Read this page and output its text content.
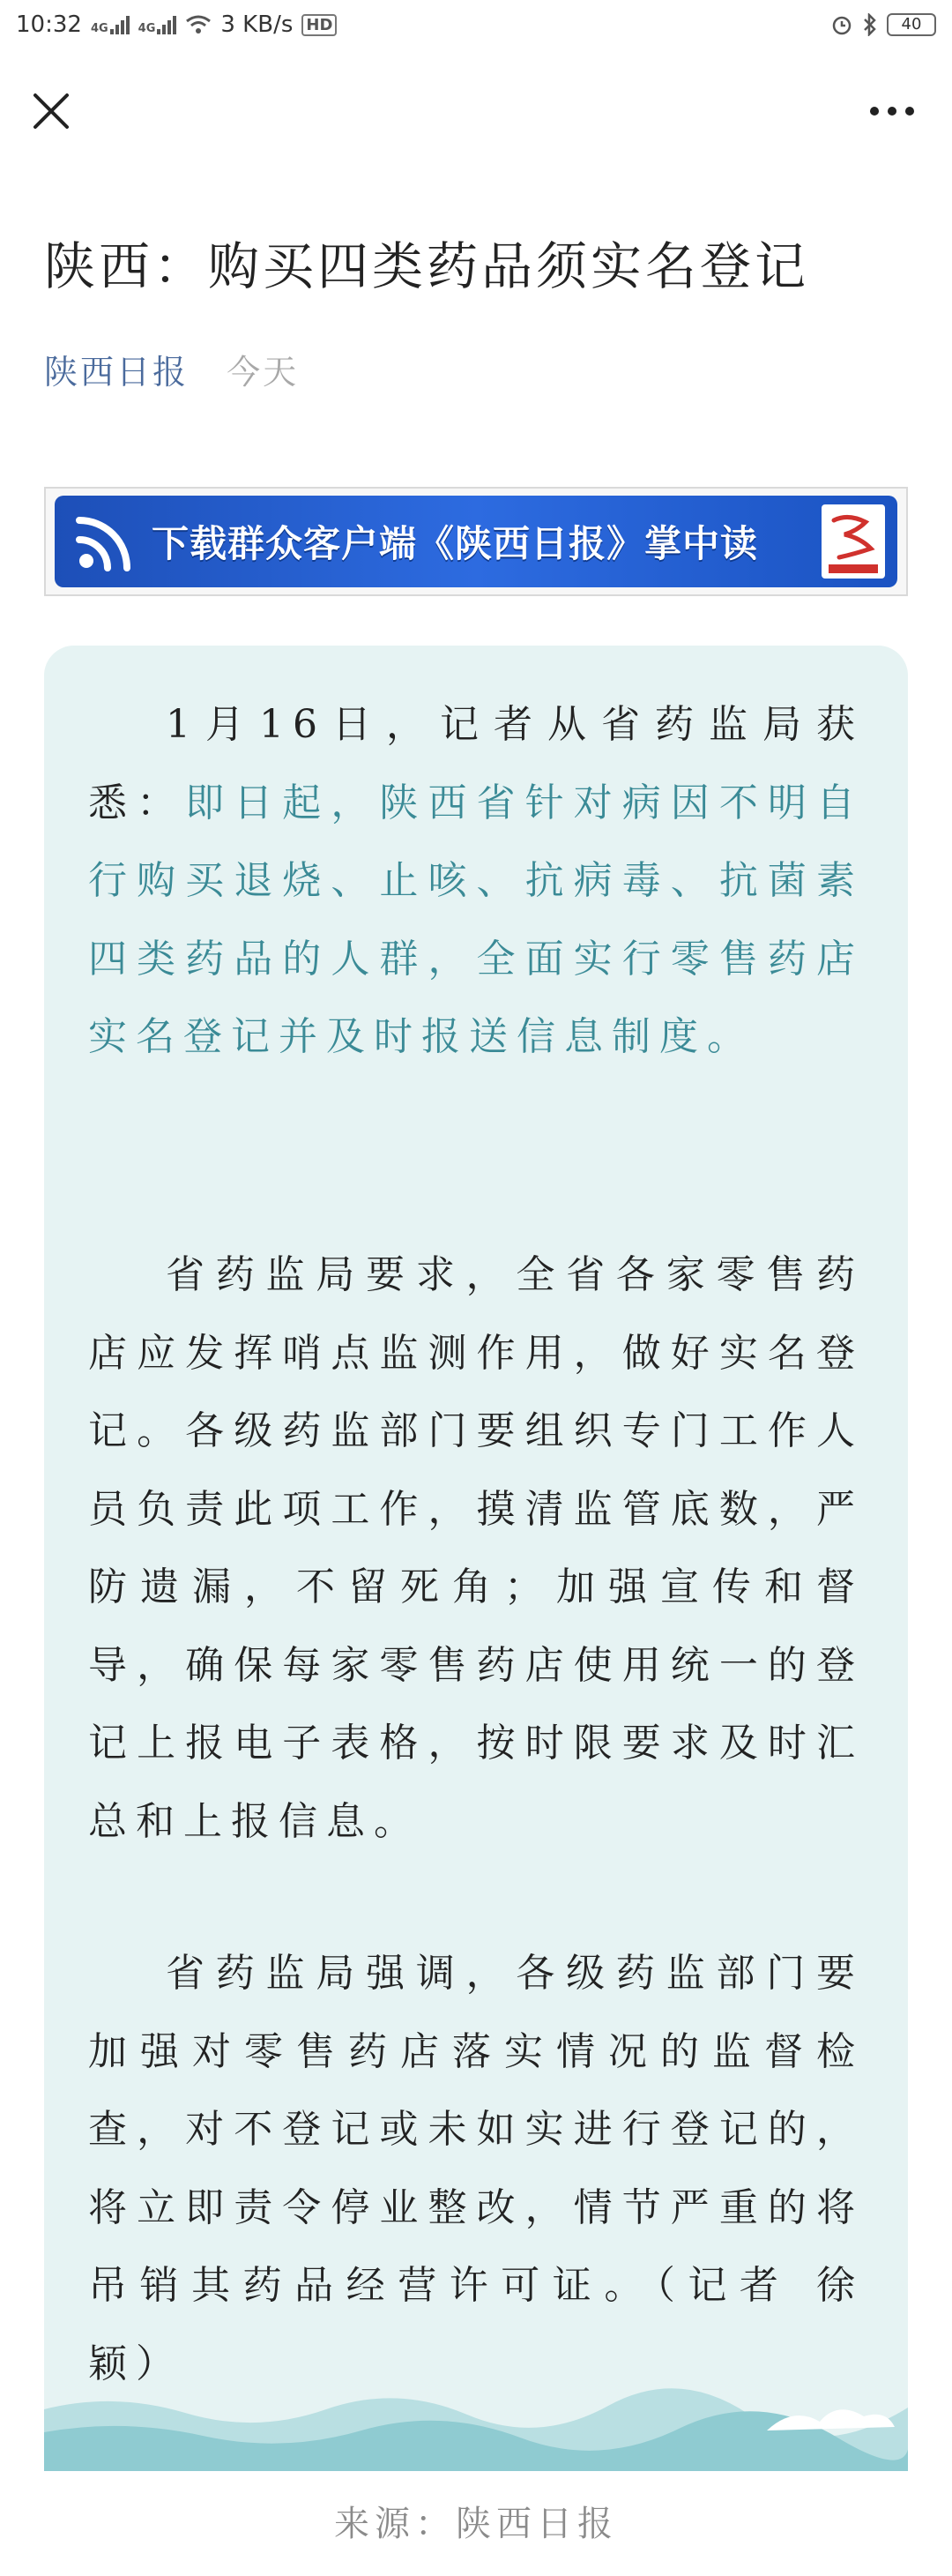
10:32 4G	4G	3 KB/s HD	40
陕西：购买四类药品须实名登记
陕西日报 今天
下载群众客户端《陕西日报》掌中读

1月16日，记者从省药监局获悉：即日起，陕西省针对病因不明自行购买退烧、止咳、抗病毒、抗菌素四类药品的人群，全面实行零售药店实名登记并及时报送信息制度。

省药监局要求，全省各家零售药店应发挥哨点监测作用，做好实名登记。各级药监部门要组织专门工作人员负责此项工作，摸清监管底数，严防遗漏，不留死角；加强宣传和督导，确保每家零售药店使用统一的登记上报电子表格，按时限要求及时汇总和上报信息。

省药监局强调，各级药监部门要加强对零售药店落实情况的监督检查，对不登记或未如实进行登记的，将立即责令停业整改，情节严重的将吊销其药品经营许可证。（记者 徐颖）

来源：陕西日报
